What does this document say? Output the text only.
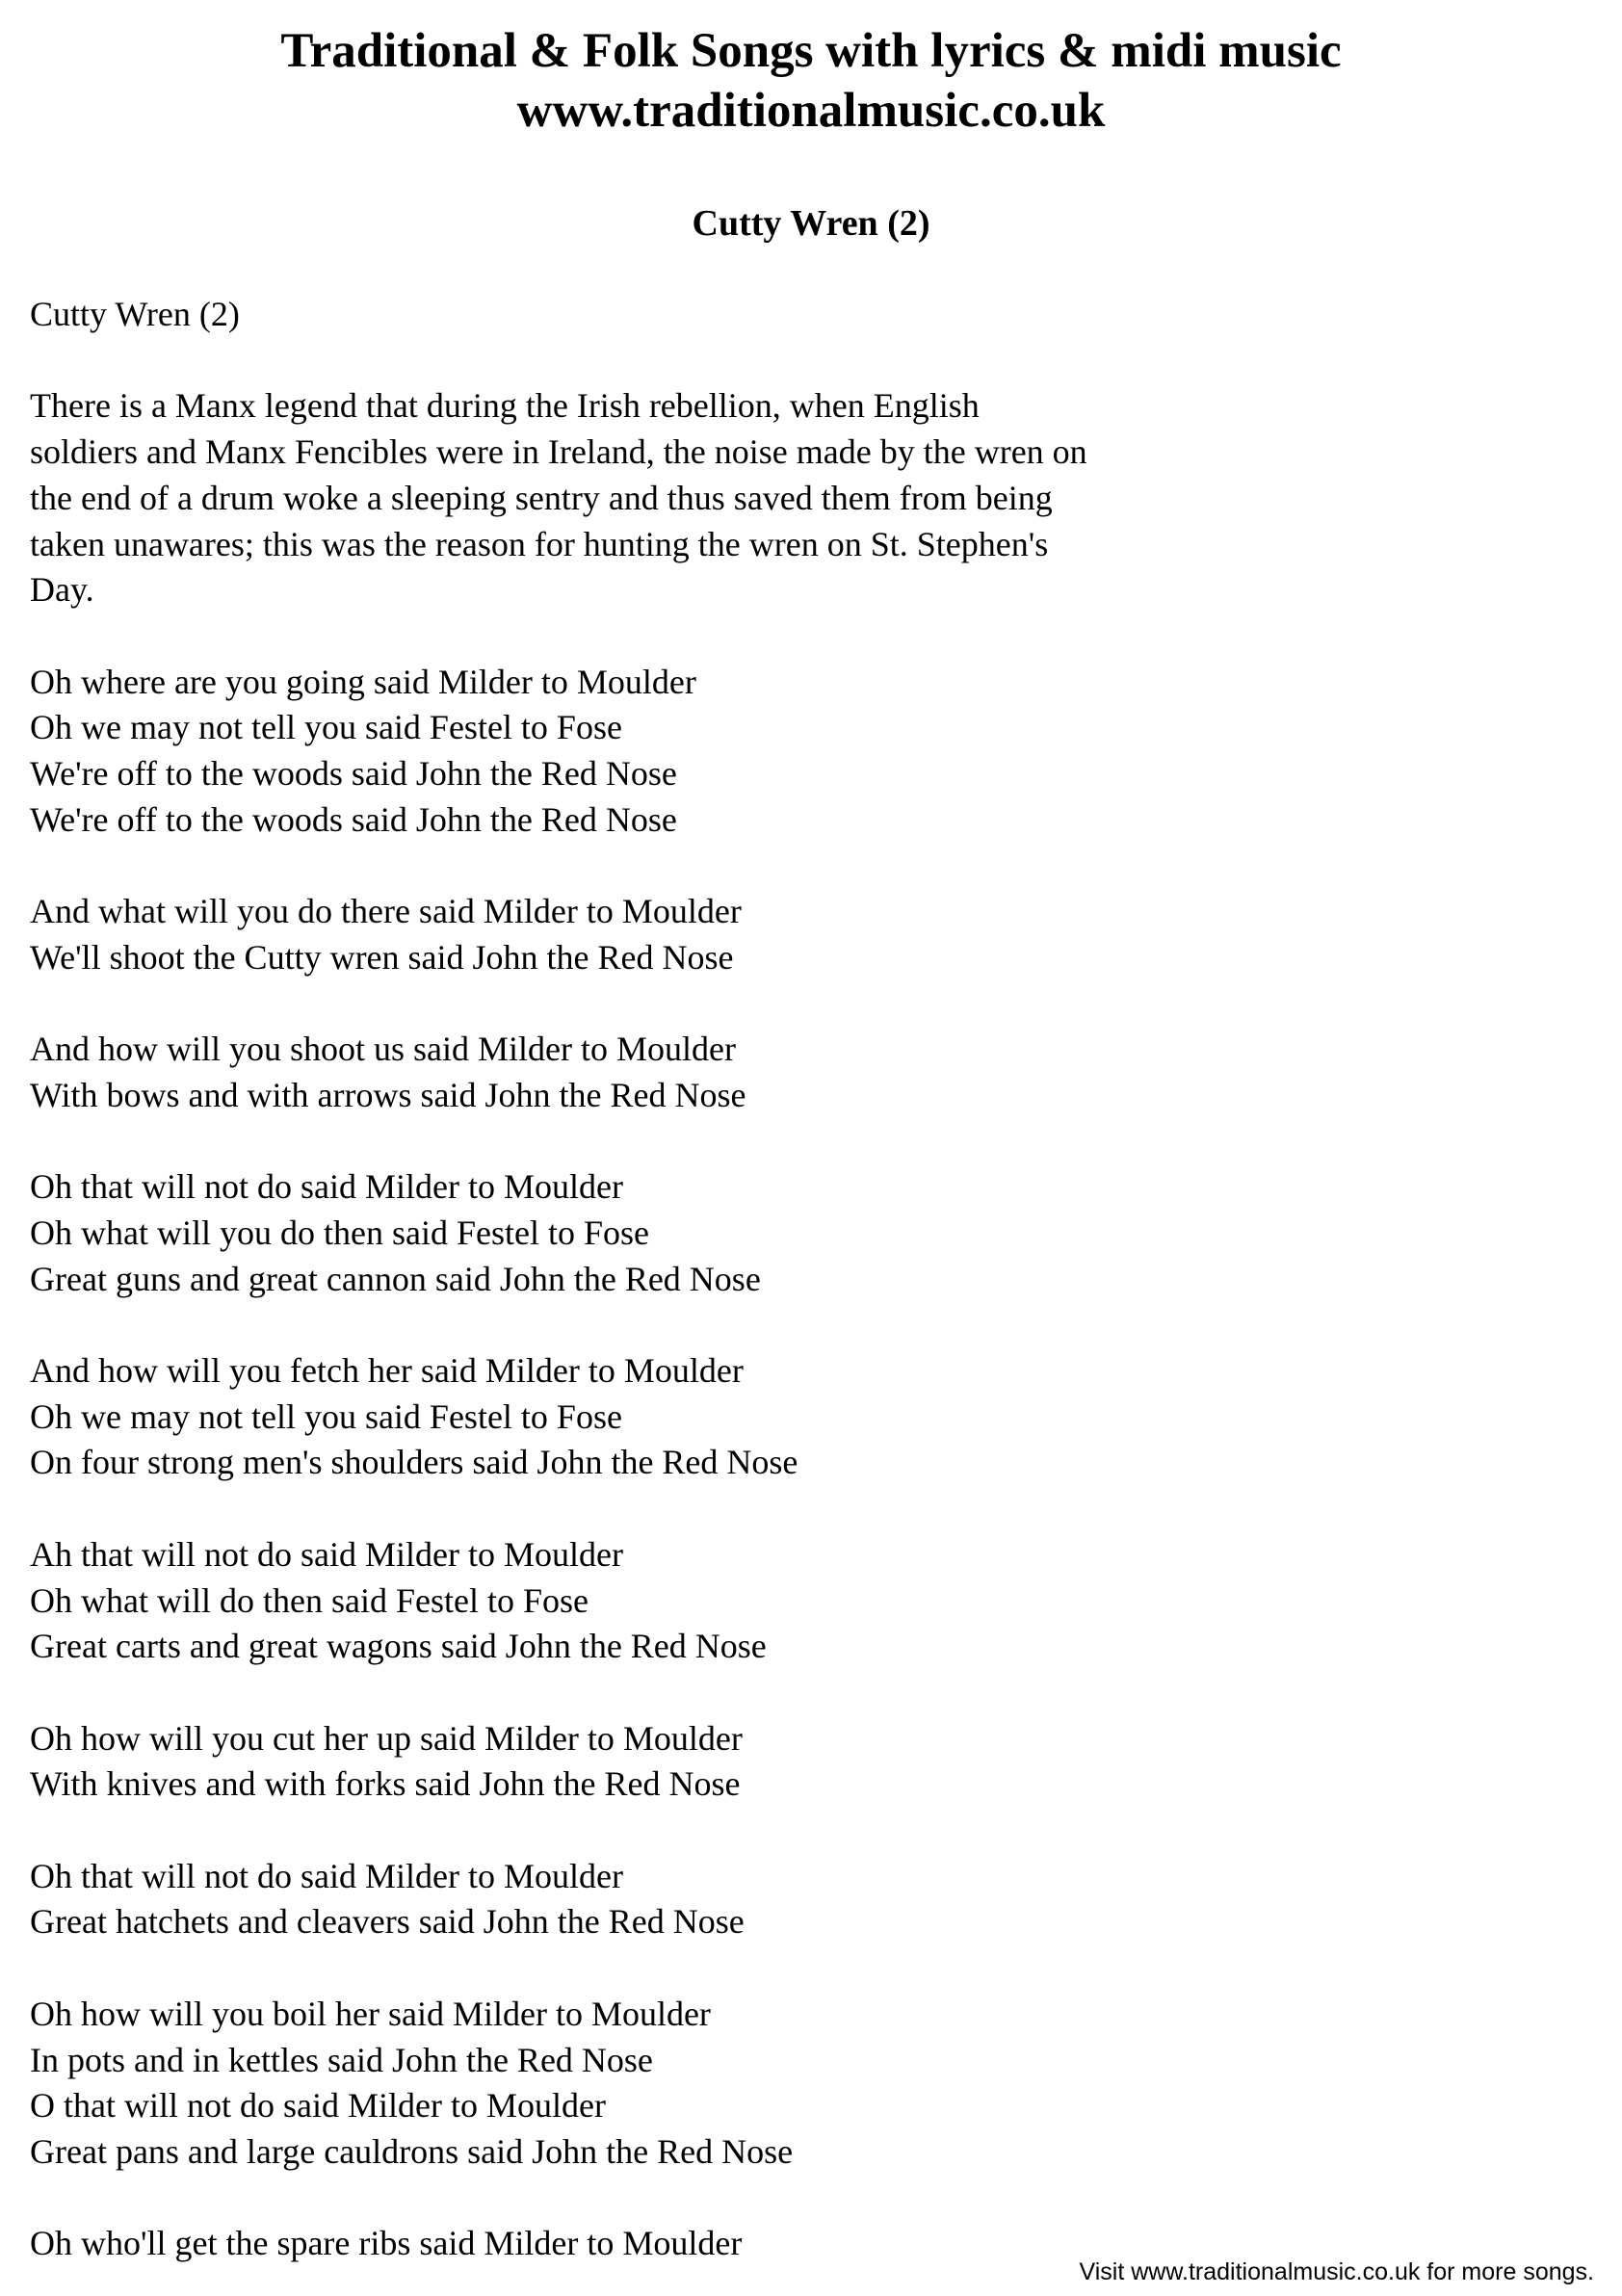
Traditional & Folk Songs with lyrics & midi music
www.traditionalmusic.co.uk
Cutty Wren (2)
Cutty Wren (2)
There is a Manx legend that during the Irish rebellion, when English
soldiers and Manx Fencibles were in Ireland, the noise made by the wren on
the end of a drum woke a sleeping sentry and thus saved them from being
taken unawares; this was the reason for hunting the wren on St. Stephen's
Day.
Oh where are you going said Milder to Moulder
Oh we may not tell you said Festel to Fose
We're off to the woods said John the Red Nose
We're off to the woods said John the Red Nose
And what will you do there said Milder to Moulder
We'll shoot the Cutty wren said John the Red Nose
And how will you shoot us said Milder to Moulder
With bows and with arrows said John the Red Nose
Oh that will not do said Milder to Moulder
Oh what will you do then said Festel to Fose
Great guns and great cannon said John the Red Nose
And how will you fetch her said Milder to Moulder
Oh we may not tell you said Festel to Fose
On four strong men's shoulders said John the Red Nose
Ah that will not do said Milder to Moulder
Oh what will do then said Festel to Fose
Great carts and great wagons said John the Red Nose
Oh how will you cut her up said Milder to Moulder
With knives and with forks said John the Red Nose
Oh that will not do said Milder to Moulder
Great hatchets and cleavers said John the Red Nose
Oh how will you boil her said Milder to Moulder
In pots and in kettles said John the Red Nose
O that will not do said Milder to Moulder
Great pans and large cauldrons said John the Red Nose
Oh who'll get the spare ribs said Milder to Moulder
Visit www.traditionalmusic.co.uk for more songs.
